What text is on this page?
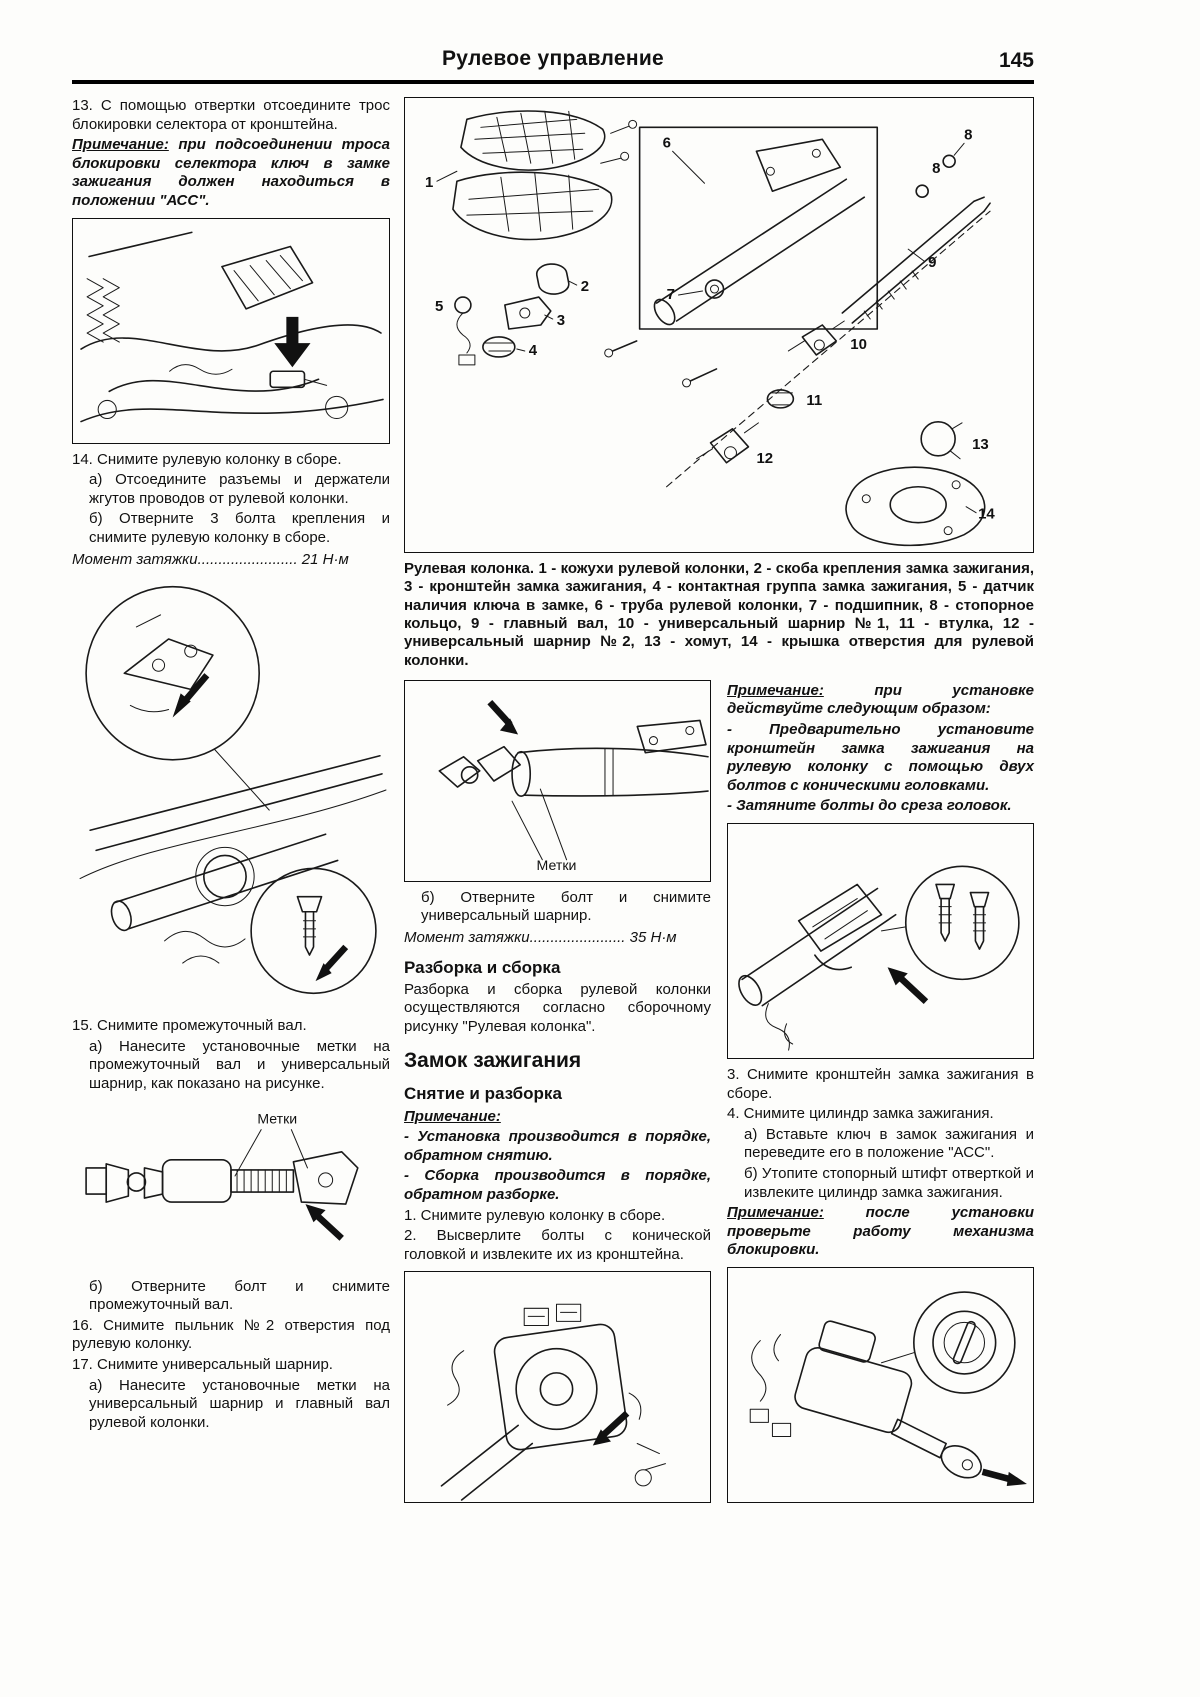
Рулевое управление	145

13. С помощью отвертки отсоедините трос блокировки селектора от кронштейна.

Примечание: при подсоединении троса блокировки селектора ключ в замке зажигания должен находиться в положении "АСС".

14. Снимите рулевую колонку в сборе.

а) Отсоедините разъемы и держатели жгутов проводов от рулевой колонки.

б) Отверните 3 болта крепления и снимите рулевую колонку в сборе.

Момент затяжки........................ 21 Н·м

15. Снимите промежуточный вал.

а) Нанесите установочные метки на промежуточный вал и универсальный шарнир, как показано на рисунке.

Метки

б) Отверните болт и снимите промежуточный вал.

16. Снимите пыльник №2 отверстия под рулевую колонку.

17. Снимите универсальный шарнир.

а) Нанесите установочные метки на универсальный шарнир и главный вал рулевой колонки.

1
2
3
4
5
6
7
8
8
9
10
11
12
13
14

Рулевая колонка. 1 - кожухи рулевой колонки, 2 - скоба крепления замка зажигания, 3 - кронштейн замка зажигания, 4 - контактная группа замка зажигания, 5 - датчик наличия ключа в замке, 6 - труба рулевой колонки, 7 - подшипник, 8 - стопорное кольцо, 9 - главный вал, 10 - универсальный шарнир №1, 11 - втулка, 12 - универсальный шарнир №2, 13 - хомут, 14 - крышка отверстия для рулевой колонки.

Метки

б) Отверните болт и снимите универсальный шарнир.

Момент затяжки....................... 35 Н·м

Разборка и сборка

Разборка и сборка рулевой колонки осуществляются согласно сборочному рисунку "Рулевая колонка".

Замок зажигания
Снятие и разборка

Примечание:

- Установка производится в порядке, обратном снятию.

- Сборка производится в порядке, обратном разборке.

1. Снимите рулевую колонку в сборе.

2. Высверлите болты с конической головкой и извлеките их из кронштейна.

Примечание: при установке действуйте следующим образом:

- Предварительно установите кронштейн замка зажигания на рулевую колонку с помощью двух болтов с коническими головками.

- Затяните болты до среза головок.

3. Снимите кронштейн замка зажигания в сборе.

4. Снимите цилиндр замка зажигания.

а) Вставьте ключ в замок зажигания и переведите его в положение "АСС".

б) Утопите стопорный штифт отверткой и извлеките цилиндр замка зажигания.

Примечание: после установки проверьте работу механизма блокировки.
